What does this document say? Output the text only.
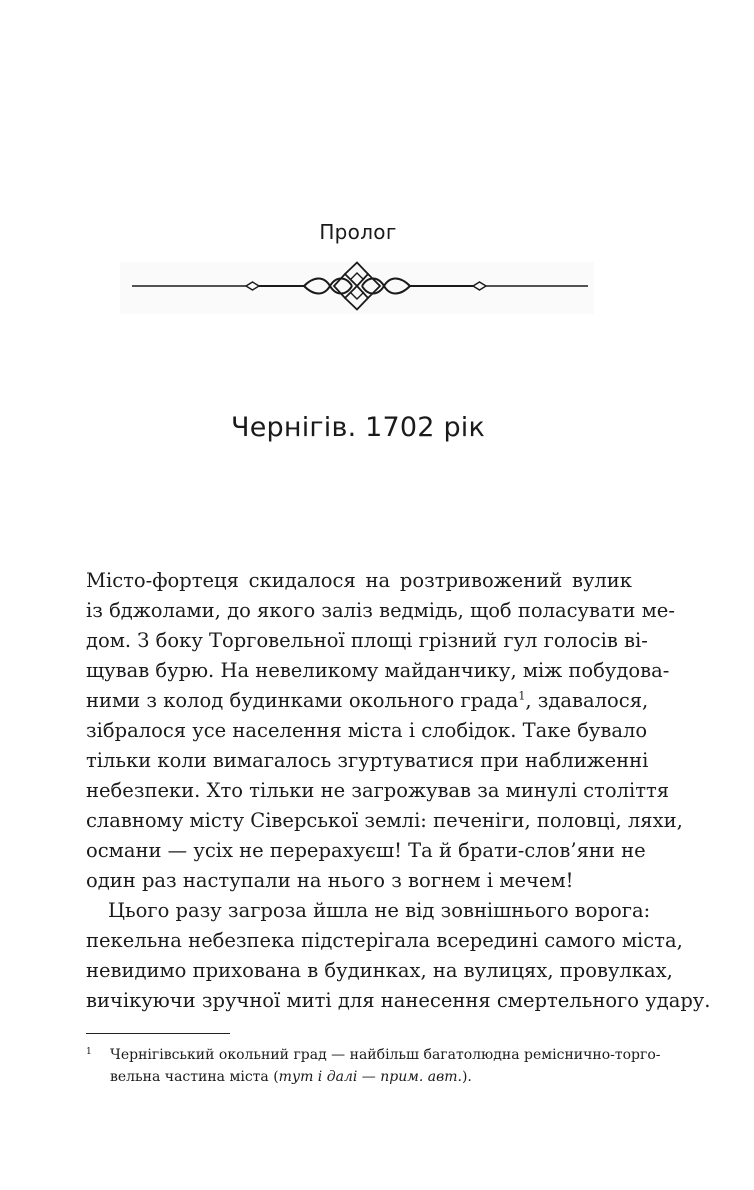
Пролог
Чернігів. 1702 рік

Місто-фортеця скидалося на розтривожений вулик
із бджолами, до якого заліз ведмідь, щоб поласувати ме-
дом. З боку Торговельної площі грізний гул голосів ві-
щував бурю. На невеликому майданчику, між побудова-
ними з колод будинками окольного града$^1$, здавалося,
зібралося усе населення міста і слобідок. Таке бувало
тільки коли вимагалось згуртуватися при наближенні
небезпеки. Хто тільки не загрожував за минулі століття
славному місту Сіверської землі: печеніги, половці, ляхи,
османи — усіх не перерахуєш! Та й брати-слов’яни не
один раз наступали на нього з вогнем і мечем!

Цього разу загроза йшла не від зовнішнього ворога:
пекельна небезпека підстерігала всередині самого міста,
невидимо прихована в будинках, на вулицях, провулках,
вичікуючи зручної миті для нанесення смертельного удару.

1 Чернігівський окольний град — найбільш багатолюдна реміснично-торго-
вельна частина міста (тут і далі — прим. авт.).
